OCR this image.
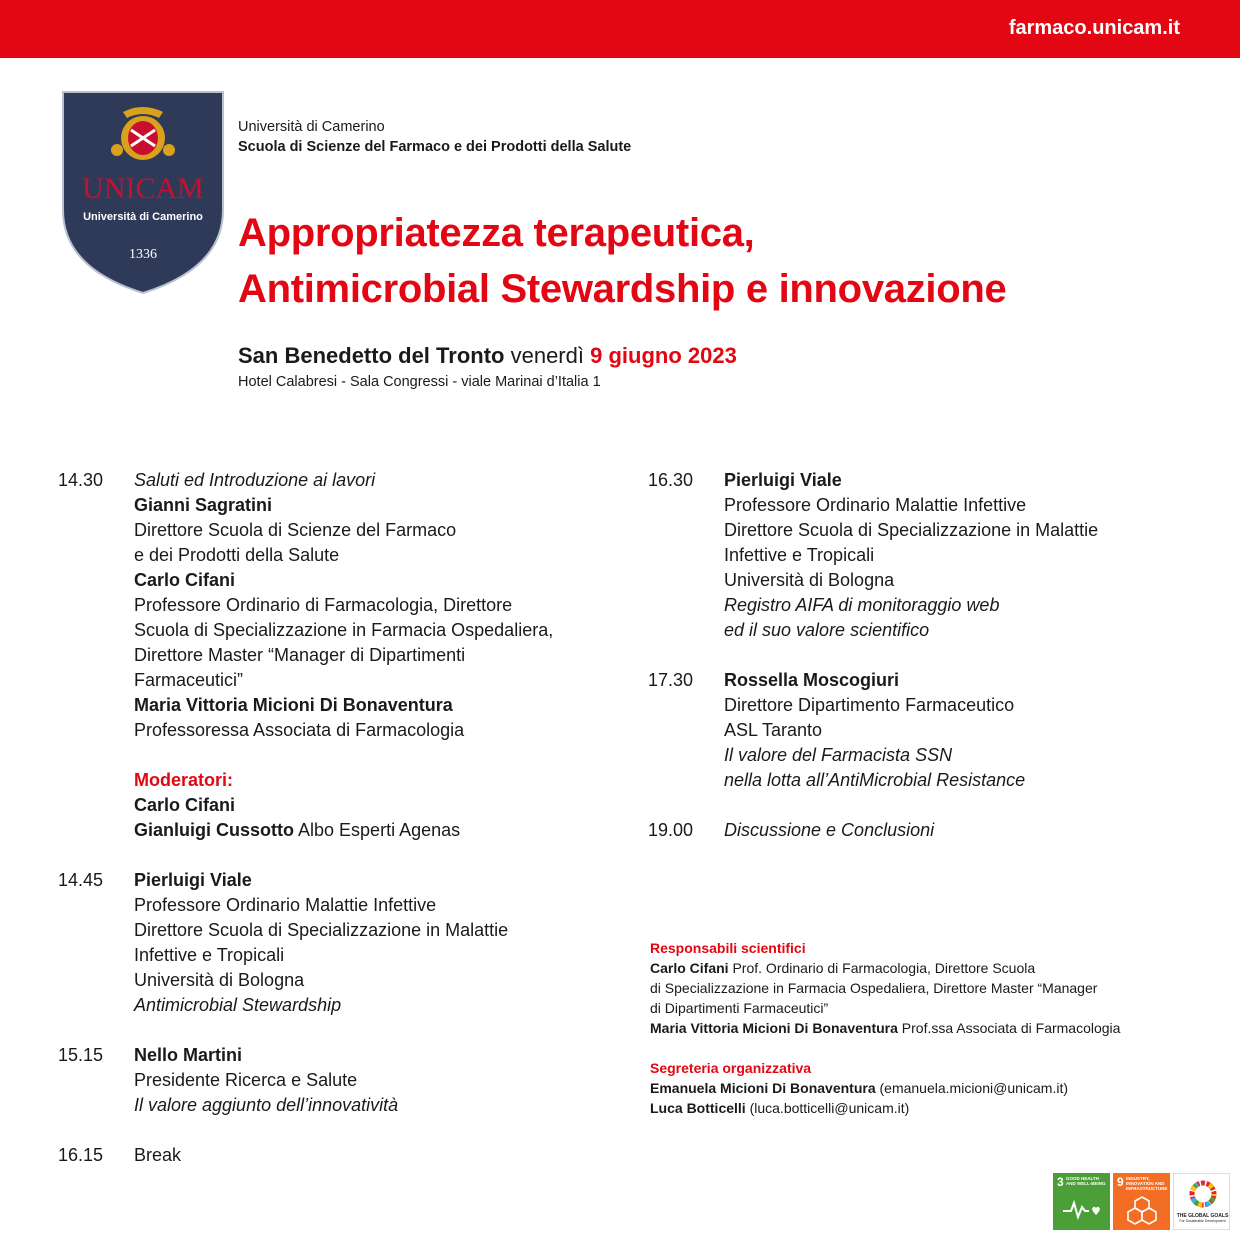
farmaco.unicam.it
UNICAM
Università di Camerino
1336
Università di Camerino
Scuola di Scienze del Farmaco e dei Prodotti della Salute
Appropriatezza terapeutica,
Antimicrobial Stewardship e innovazione
San Benedetto del Tronto venerdì 9 giugno 2023
Hotel Calabresi - Sala Congressi - viale Marinai d’Italia 1
14.30	Saluti ed Introduzione ai lavori
Gianni Sagratini
Direttore Scuola di Scienze del Farmaco
e dei Prodotti della Salute
Carlo Cifani
Professore Ordinario di Farmacologia, Direttore
Scuola di Specializzazione in Farmacia Ospedaliera,
Direttore Master “Manager di Dipartimenti
Farmaceutici”
Maria Vittoria Micioni Di Bonaventura
Professoressa Associata di Farmacologia
Moderatori:
Carlo Cifani
Gianluigi Cussotto Albo Esperti Agenas
14.45	Pierluigi Viale
Professore Ordinario Malattie Infettive
Direttore Scuola di Specializzazione in Malattie
Infettive e Tropicali
Università di Bologna
Antimicrobial Stewardship
15.15	Nello Martini
Presidente Ricerca e Salute
Il valore aggiunto dell’innovatività
16.15	Break
16.30	Pierluigi Viale
Professore Ordinario Malattie Infettive
Direttore Scuola di Specializzazione in Malattie
Infettive e Tropicali
Università di Bologna
Registro AIFA di monitoraggio web
ed il suo valore scientifico
17.30	Rossella Moscogiuri
Direttore Dipartimento Farmaceutico
ASL Taranto
Il valore del Farmacista SSN
nella lotta all’AntiMicrobial Resistance
19.00	Discussione e Conclusioni
Responsabili scientifici
Carlo Cifani Prof. Ordinario di Farmacologia, Direttore Scuola
di Specializzazione in Farmacia Ospedaliera, Direttore Master “Manager
di Dipartimenti Farmaceutici”
Maria Vittoria Micioni Di Bonaventura Prof.ssa Associata di Farmacologia
Segreteria organizzativa
Emanuela Micioni Di Bonaventura (emanuela.micioni@unicam.it)
Luca Botticelli (luca.botticelli@unicam.it)
3 GOOD HEALTH AND WELL-BEING 9 INDUSTRY, INNOVATION AND INFRASTRUCTURE
THE GLOBAL GOALS
For Sustainable Development
